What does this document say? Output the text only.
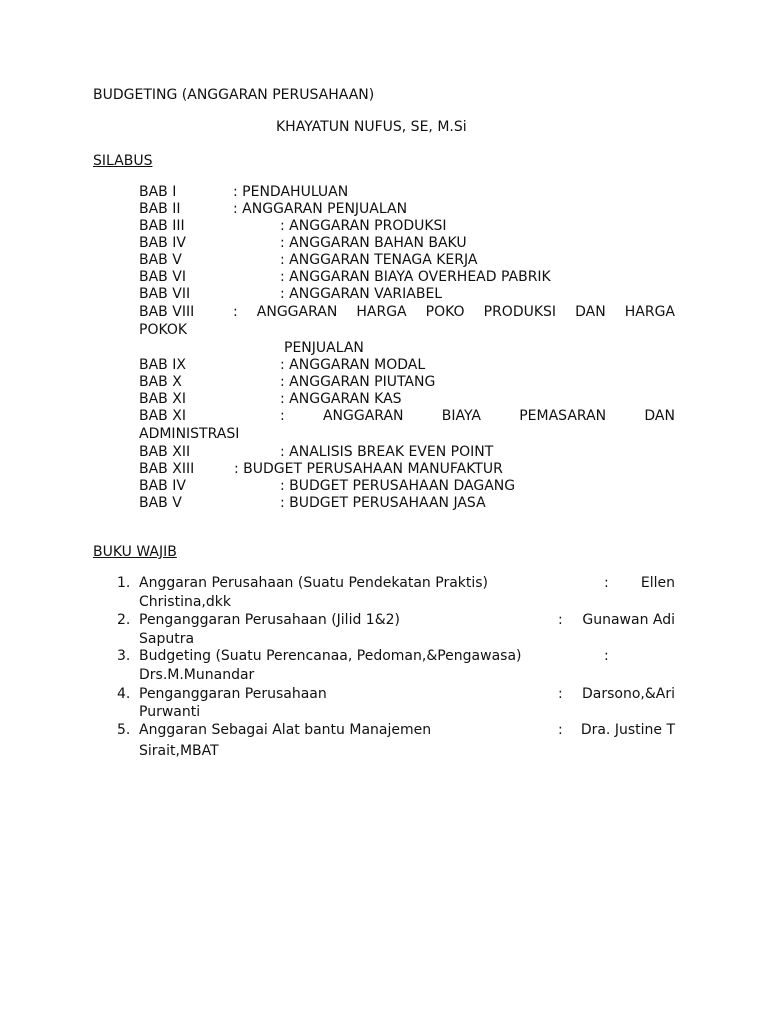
BUDGETING (ANGGARAN PERUSAHAAN)
KHAYATUN NUFUS, SE, M.Si
SILABUS
BAB I	: PENDAHULUAN
BAB II	: ANGGARAN PENJUALAN
BAB III	: ANGGARAN PRODUKSI
BAB IV	: ANGGARAN BAHAN BAKU
BAB V	: ANGGARAN TENAGA KERJA
BAB VI	: ANGGARAN BIAYA OVERHEAD PABRIK
BAB VII	: ANGGARAN VARIABEL
BAB VIII	: ANGGARAN HARGA POKO PRODUKSI DAN HARGA
POKOK
PENJUALAN
BAB IX	: ANGGARAN MODAL
BAB X	: ANGGARAN PIUTANG
BAB XI	: ANGGARAN KAS
BAB XI	:	ANGGARAN	BIAYA	PEMASARAN	DAN
ADMINISTRASI
BAB XII	: ANALISIS BREAK EVEN POINT
BAB XIII	: BUDGET PERUSAHAAN MANUFAKTUR
BAB IV	: BUDGET PERUSAHAAN DAGANG
BAB V	: BUDGET PERUSAHAAN JASA
BUKU WAJIB
1. Anggaran Perusahaan (Suatu Pendekatan Praktis)	: Ellen
Christina,dkk
2. Penganggaran Perusahaan (Jilid 1&2)	: Gunawan Adi
Saputra
3. Budgeting (Suatu Perencanaa, Pedoman,&Pengawasa)	:
Drs.M.Munandar
4. Penganggaran Perusahaan	: Darsono,&Ari
Purwanti
5. Anggaran Sebagai Alat bantu Manajemen	: Dra. Justine T
Sirait,MBAT
